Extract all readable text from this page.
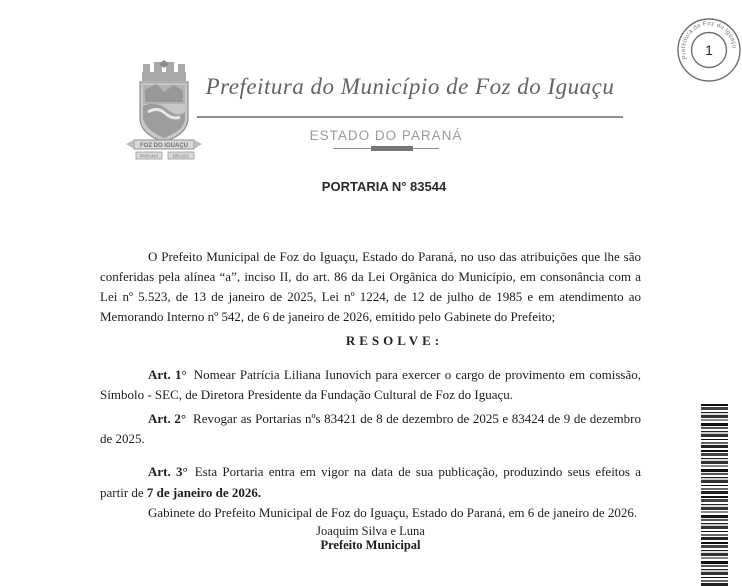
Prefeitura de Foz do Iguaçu
1
FOZ DO IGUAÇU
PARANÁ	BRASIL
Prefeitura do Município de Foz do Iguaçu
ESTADO DO PARANÁ
PORTARIA N° 83544

O Prefeito Municipal de Foz do Iguaçu, Estado do Paraná, no uso das atribuições que lhe são conferidas pela alínea “a”, inciso II, do art. 86 da Lei Orgânica do Município, em consonância com a Lei nº 5.523, de 13 de janeiro de 2025, Lei nº 1224, de 12 de julho de 1985 e em atendimento ao Memorando Interno nº 542, de 6 de janeiro de 2026, emitido pelo Gabinete do Prefeito;

RESOLVE:

Art. 1° Nomear Patrícia Liliana Iunovich para exercer o cargo de provimento em comissão, Símbolo - SEC, de Diretora Presidente da Fundação Cultural de Foz do Iguaçu.

Art. 2° Revogar as Portarias nºs 83421 de 8 de dezembro de 2025 e 83424 de 9 de dezembro de 2025.

Art. 3° Esta Portaria entra em vigor na data de sua publicação, produzindo seus efeitos a partir de 7 de janeiro de 2026.

Gabinete do Prefeito Municipal de Foz do Iguaçu, Estado do Paraná, em 6 de janeiro de 2026.

Joaquim Silva e Luna
Prefeito Municipal
